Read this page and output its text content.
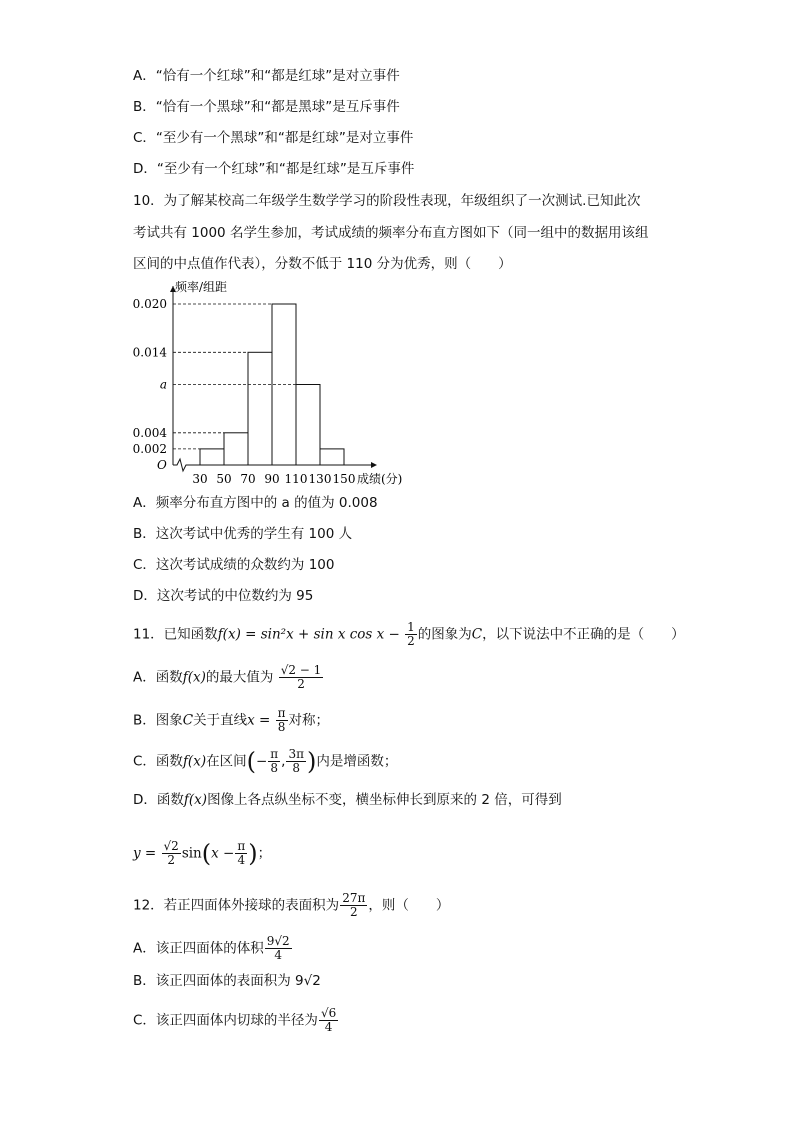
A．“恰有一个红球”和“都是红球”是对立事件
B．“恰有一个黑球”和“都是黑球”是互斥事件
C．“至少有一个黑球”和“都是红球”是对立事件
D．“至少有一个红球”和“都是红球”是互斥事件
10．为了解某校高二年级学生数学学习的阶段性表现，年级组织了一次测试.已知此次
考试共有 1000 名学生参加，考试成绩的频率分布直方图如下（同一组中的数据用该组
区间的中点值作代表），分数不低于 110 分为优秀，则（　　）
0.002
0.004
a
0.014
0.020
30 50 70 90 110 130 150
频率/组距
成绩(分)
O
A．频率分布直方图中的 a 的值为 0.008
B．这次考试中优秀的学生有 100 人
C．这次考试成绩的众数约为 100
D．这次考试的中位数约为 95
11．已知函数f(x) = sin²x + sin x $\cos x - \frac{1}{2}$ 的图象为C，以下说法中不正确的是（　　）
A．函数f(x)的最大值为 $\frac{√2 - 1}{2}$
B．图象C关于直线$x = \frac{\pi}{8}$ 对称；
C．函数f(x)在区间(− $\frac{\pi}{8}$ , $\frac{3\pi}{8}$ )内是增函数；
D．函数f(x)图像上各点纵坐标不变，横坐标伸长到原来的 2 倍，可得到
$y = \frac{√2}{2} \sin(x - \frac{\pi}{4}$ )；
12．若正四面体外接球的表面积为 $\frac{27\pi}{2}$ ，则（　　）
A．该正四面体的体积 $\frac{9√2}{4}$
B．该正四面体的表面积为 9√2
C．该正四面体内切球的半径为 $\frac{√6}{4}$
